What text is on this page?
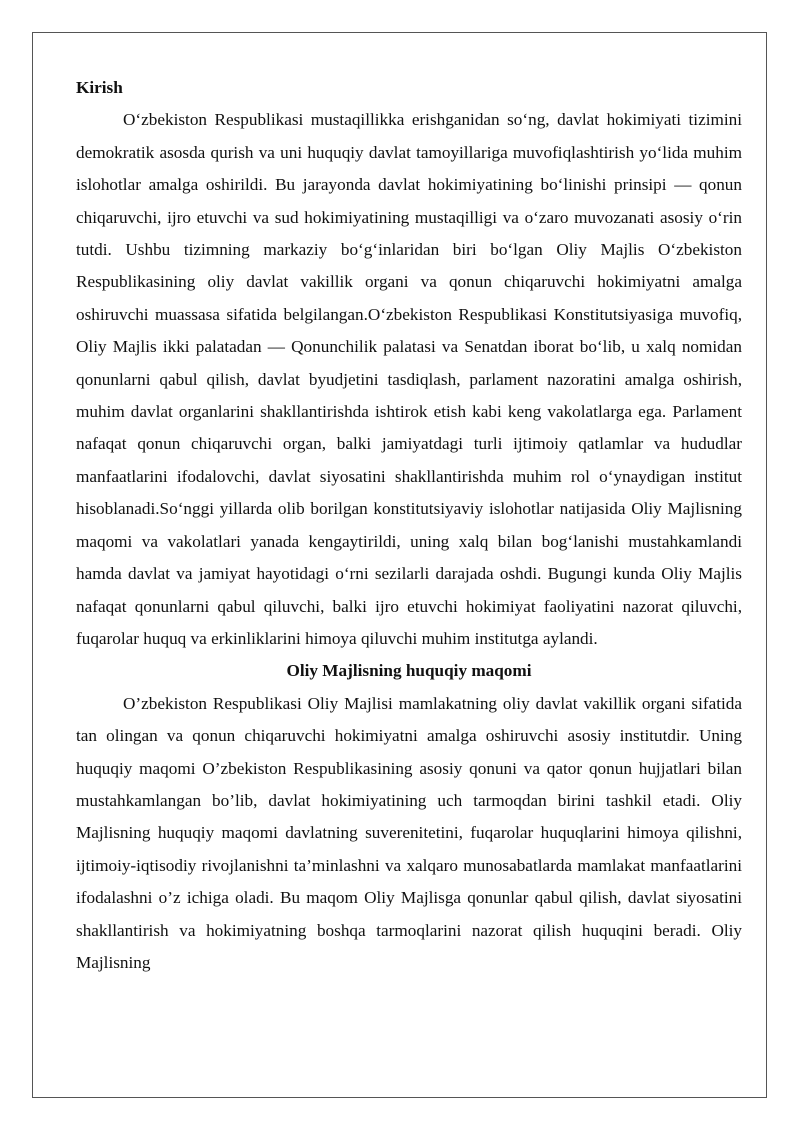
Kirish

O‘zbekiston Respublikasi mustaqillikka erishganidan so‘ng, davlat hokimiyati tizimini demokratik asosda qurish va uni huquqiy davlat tamoyillariga muvofiqlashtirish yo‘lida muhim islohotlar amalga oshirildi. Bu jarayonda davlat hokimiyatining bo‘linishi prinsipi — qonun chiqaruvchi, ijro etuvchi va sud hokimiyatining mustaqilligi va o‘zaro muvozanati asosiy o‘rin tutdi. Ushbu tizimning markaziy bo‘g‘inlaridan biri bo‘lgan Oliy Majlis O‘zbekiston Respublikasining oliy davlat vakillik organi va qonun chiqaruvchi hokimiyatni amalga oshiruvchi muassasa sifatida belgilangan.O‘zbekiston Respublikasi Konstitutsiyasiga muvofiq, Oliy Majlis ikki palatadan — Qonunchilik palatasi va Senatdan iborat bo‘lib, u xalq nomidan qonunlarni qabul qilish, davlat byudjetini tasdiqlash, parlament nazoratini amalga oshirish, muhim davlat organlarini shakllantirishda ishtirok etish kabi keng vakolatlarga ega. Parlament nafaqat qonun chiqaruvchi organ, balki jamiyatdagi turli ijtimoiy qatlamlar va hududlar manfaatlarini ifodalovchi, davlat siyosatini shakllantirishda muhim rol o‘ynaydigan institut hisoblanadi.So‘nggi yillarda olib borilgan konstitutsiyaviy islohotlar natijasida Oliy Majlisning maqomi va vakolatlari yanada kengaytirildi, uning xalq bilan bog‘lanishi mustahkamlandi hamda davlat va jamiyat hayotidagi o‘rni sezilarli darajada oshdi. Bugungi kunda Oliy Majlis nafaqat qonunlarni qabul qiluvchi, balki ijro etuvchi hokimiyat faoliyatini nazorat qiluvchi, fuqarolar huquq va erkinliklarini himoya qiluvchi muhim institutga aylandi.

Oliy Majlisning huquqiy maqomi

O’zbekiston Respublikasi Oliy Majlisi mamlakatning oliy davlat vakillik organi sifatida tan olingan va qonun chiqaruvchi hokimiyatni amalga oshiruvchi asosiy institutdir. Uning huquqiy maqomi O’zbekiston Respublikasining asosiy qonuni va qator qonun hujjatlari bilan mustahkamlangan bo’lib, davlat hokimiyatining uch tarmoqdan birini tashkil etadi. Oliy Majlisning huquqiy maqomi davlatning suverenitetini, fuqarolar huquqlarini himoya qilishni, ijtimoiy-iqtisodiy rivojlanishni ta’minlashni va xalqaro munosabatlarda mamlakat manfaatlarini ifodalashni o’z ichiga oladi. Bu maqom Oliy Majlisga qonunlar qabul qilish, davlat siyosatini shakllantirish va hokimiyatning boshqa tarmoqlarini nazorat qilish huquqini beradi. Oliy Majlisning
